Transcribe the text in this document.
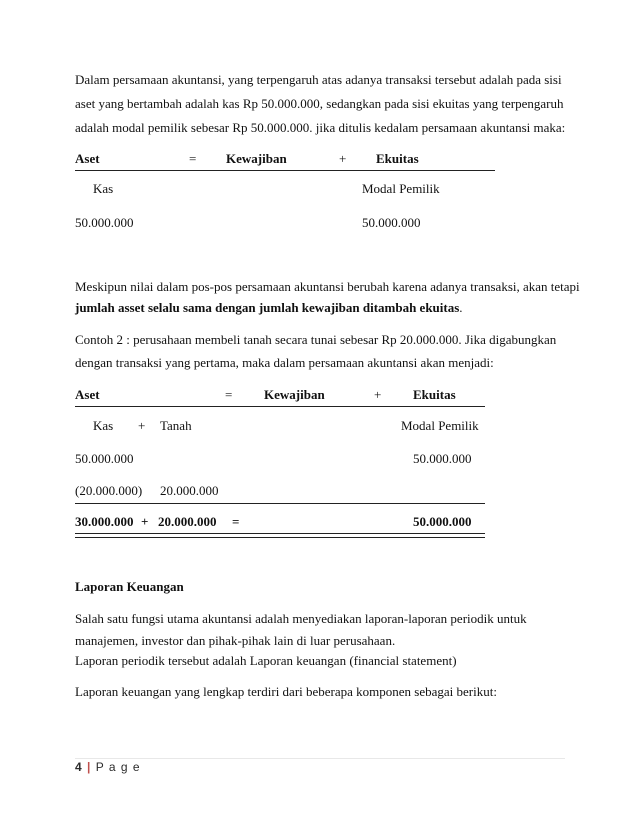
Dalam persamaan akuntansi, yang terpengaruh atas adanya transaksi tersebut adalah pada sisi
aset yang bertambah adalah kas Rp 50.000.000, sedangkan pada sisi ekuitas yang terpengaruh
adalah modal pemilik sebesar Rp 50.000.000. jika ditulis kedalam persamaan akuntansi maka:
Aset	= Kewajiban	+ Ekuitas
Kas	Modal Pemilik
50.000.000	50.000.000
Meskipun nilai dalam pos-pos persamaan akuntansi berubah karena adanya transaksi, akan tetapi
jumlah asset selalu sama dengan jumlah kewajiban ditambah ekuitas.
Contoh 2 : perusahaan membeli tanah secara tunai sebesar Rp 20.000.000. Jika digabungkan
dengan transaksi yang pertama, maka dalam persamaan akuntansi akan menjadi:
Aset	= Kewajiban	+ Ekuitas
Kas + Tanah	Modal Pemilik
50.000.000	50.000.000
(20.000.000) 20.000.000
30.000.000 + 20.000.000 =	50.000.000
Laporan Keuangan
Salah satu fungsi utama akuntansi adalah menyediakan laporan-laporan periodik untuk
manajemen, investor dan pihak-pihak lain di luar perusahaan.
Laporan periodik tersebut adalah Laporan keuangan (financial statement)
Laporan keuangan yang lengkap terdiri dari beberapa komponen sebagai berikut:
4 | P a g e
